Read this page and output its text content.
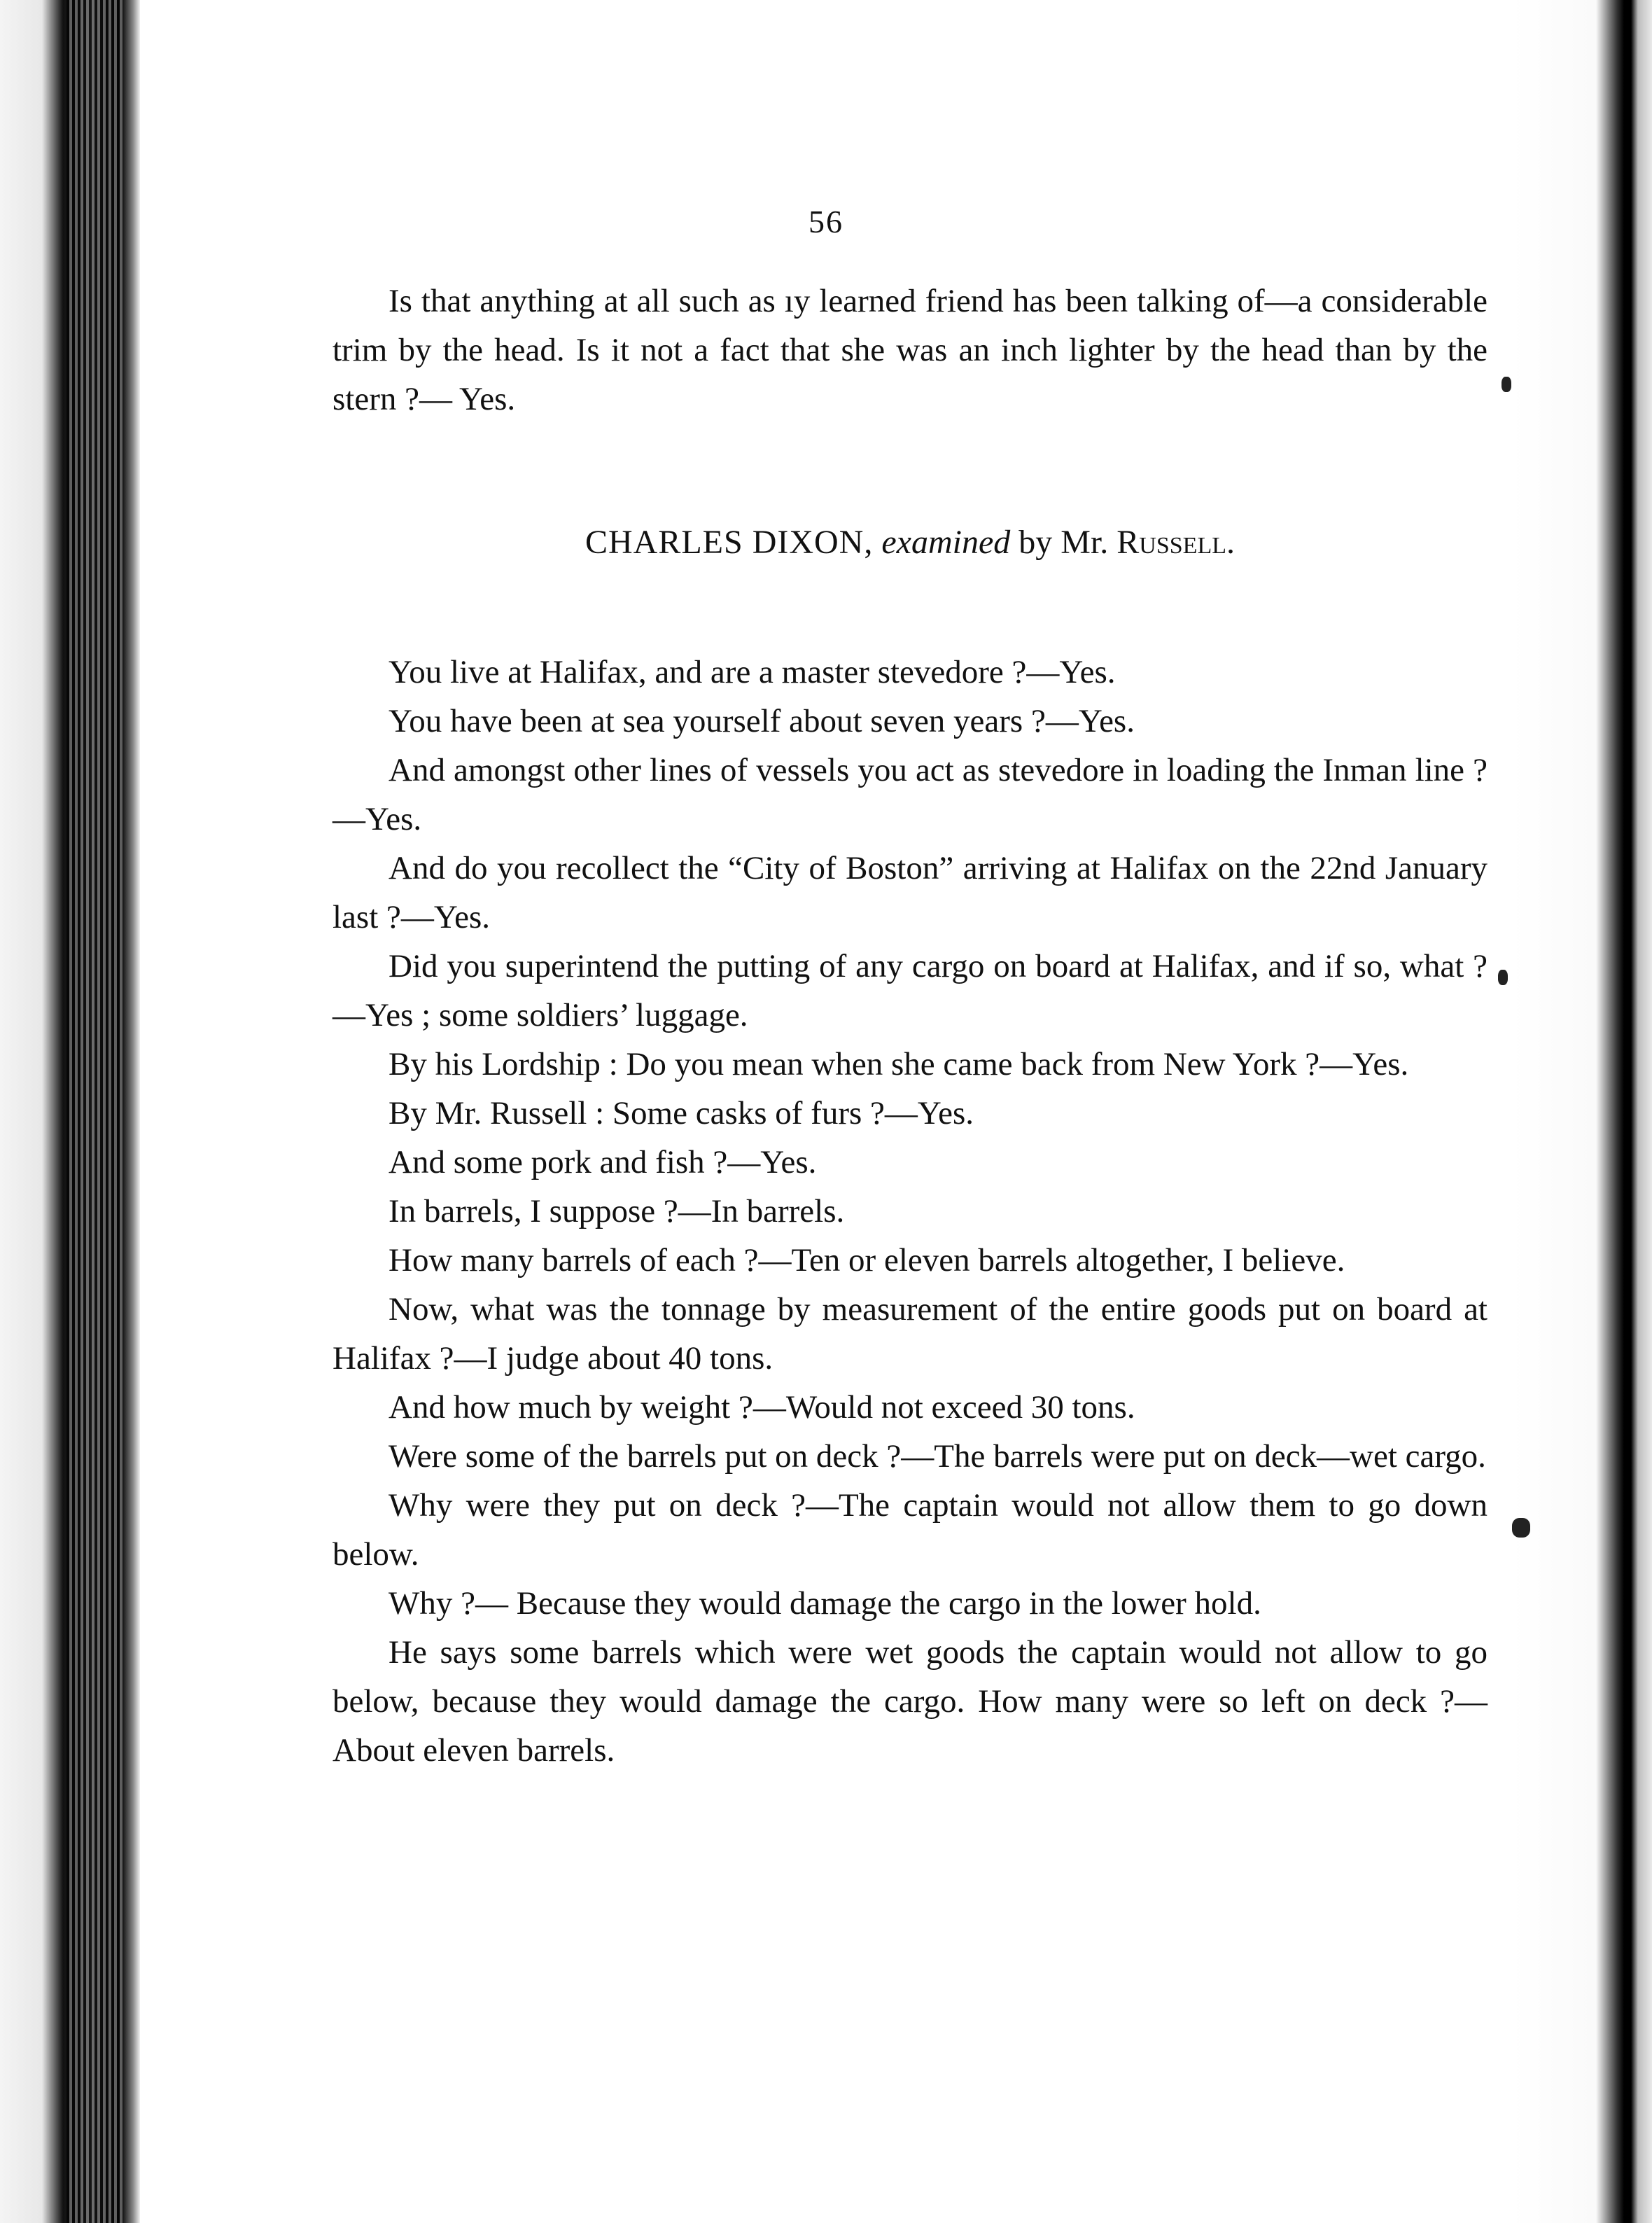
56

Is that anything at all such as ıy learned friend has been talking of—a considerable trim by the head. Is it not a fact that she was an inch lighter by the head than by the stern ?— Yes.

CHARLES DIXON, examined by Mr. Russell.

You live at Halifax, and are a master stevedore ?—Yes.

You have been at sea yourself about seven years ?—Yes.

And amongst other lines of vessels you act as stevedore in loading the Inman line ?—Yes.

And do you recollect the “City of Boston” arriving at Halifax on the 22nd January last ?—Yes.

Did you superintend the putting of any cargo on board at Halifax, and if so, what ?—Yes ; some soldiers’ luggage.

By his Lordship : Do you mean when she came back from New York ?—Yes.

By Mr. Russell : Some casks of furs ?—Yes.

And some pork and fish ?—Yes.

In barrels, I suppose ?—In barrels.

How many barrels of each ?—Ten or eleven barrels altogether, I believe.

Now, what was the tonnage by measurement of the entire goods put on board at Halifax ?—I judge about 40 tons.

And how much by weight ?—Would not exceed 30 tons.

Were some of the barrels put on deck ?—The barrels were put on deck—wet cargo.

Why were they put on deck ?—The captain would not allow them to go down below.

Why ?— Because they would damage the cargo in the lower hold.

He says some barrels which were wet goods the captain would not allow to go below, because they would damage the cargo. How many were so left on deck ?— About eleven barrels.
